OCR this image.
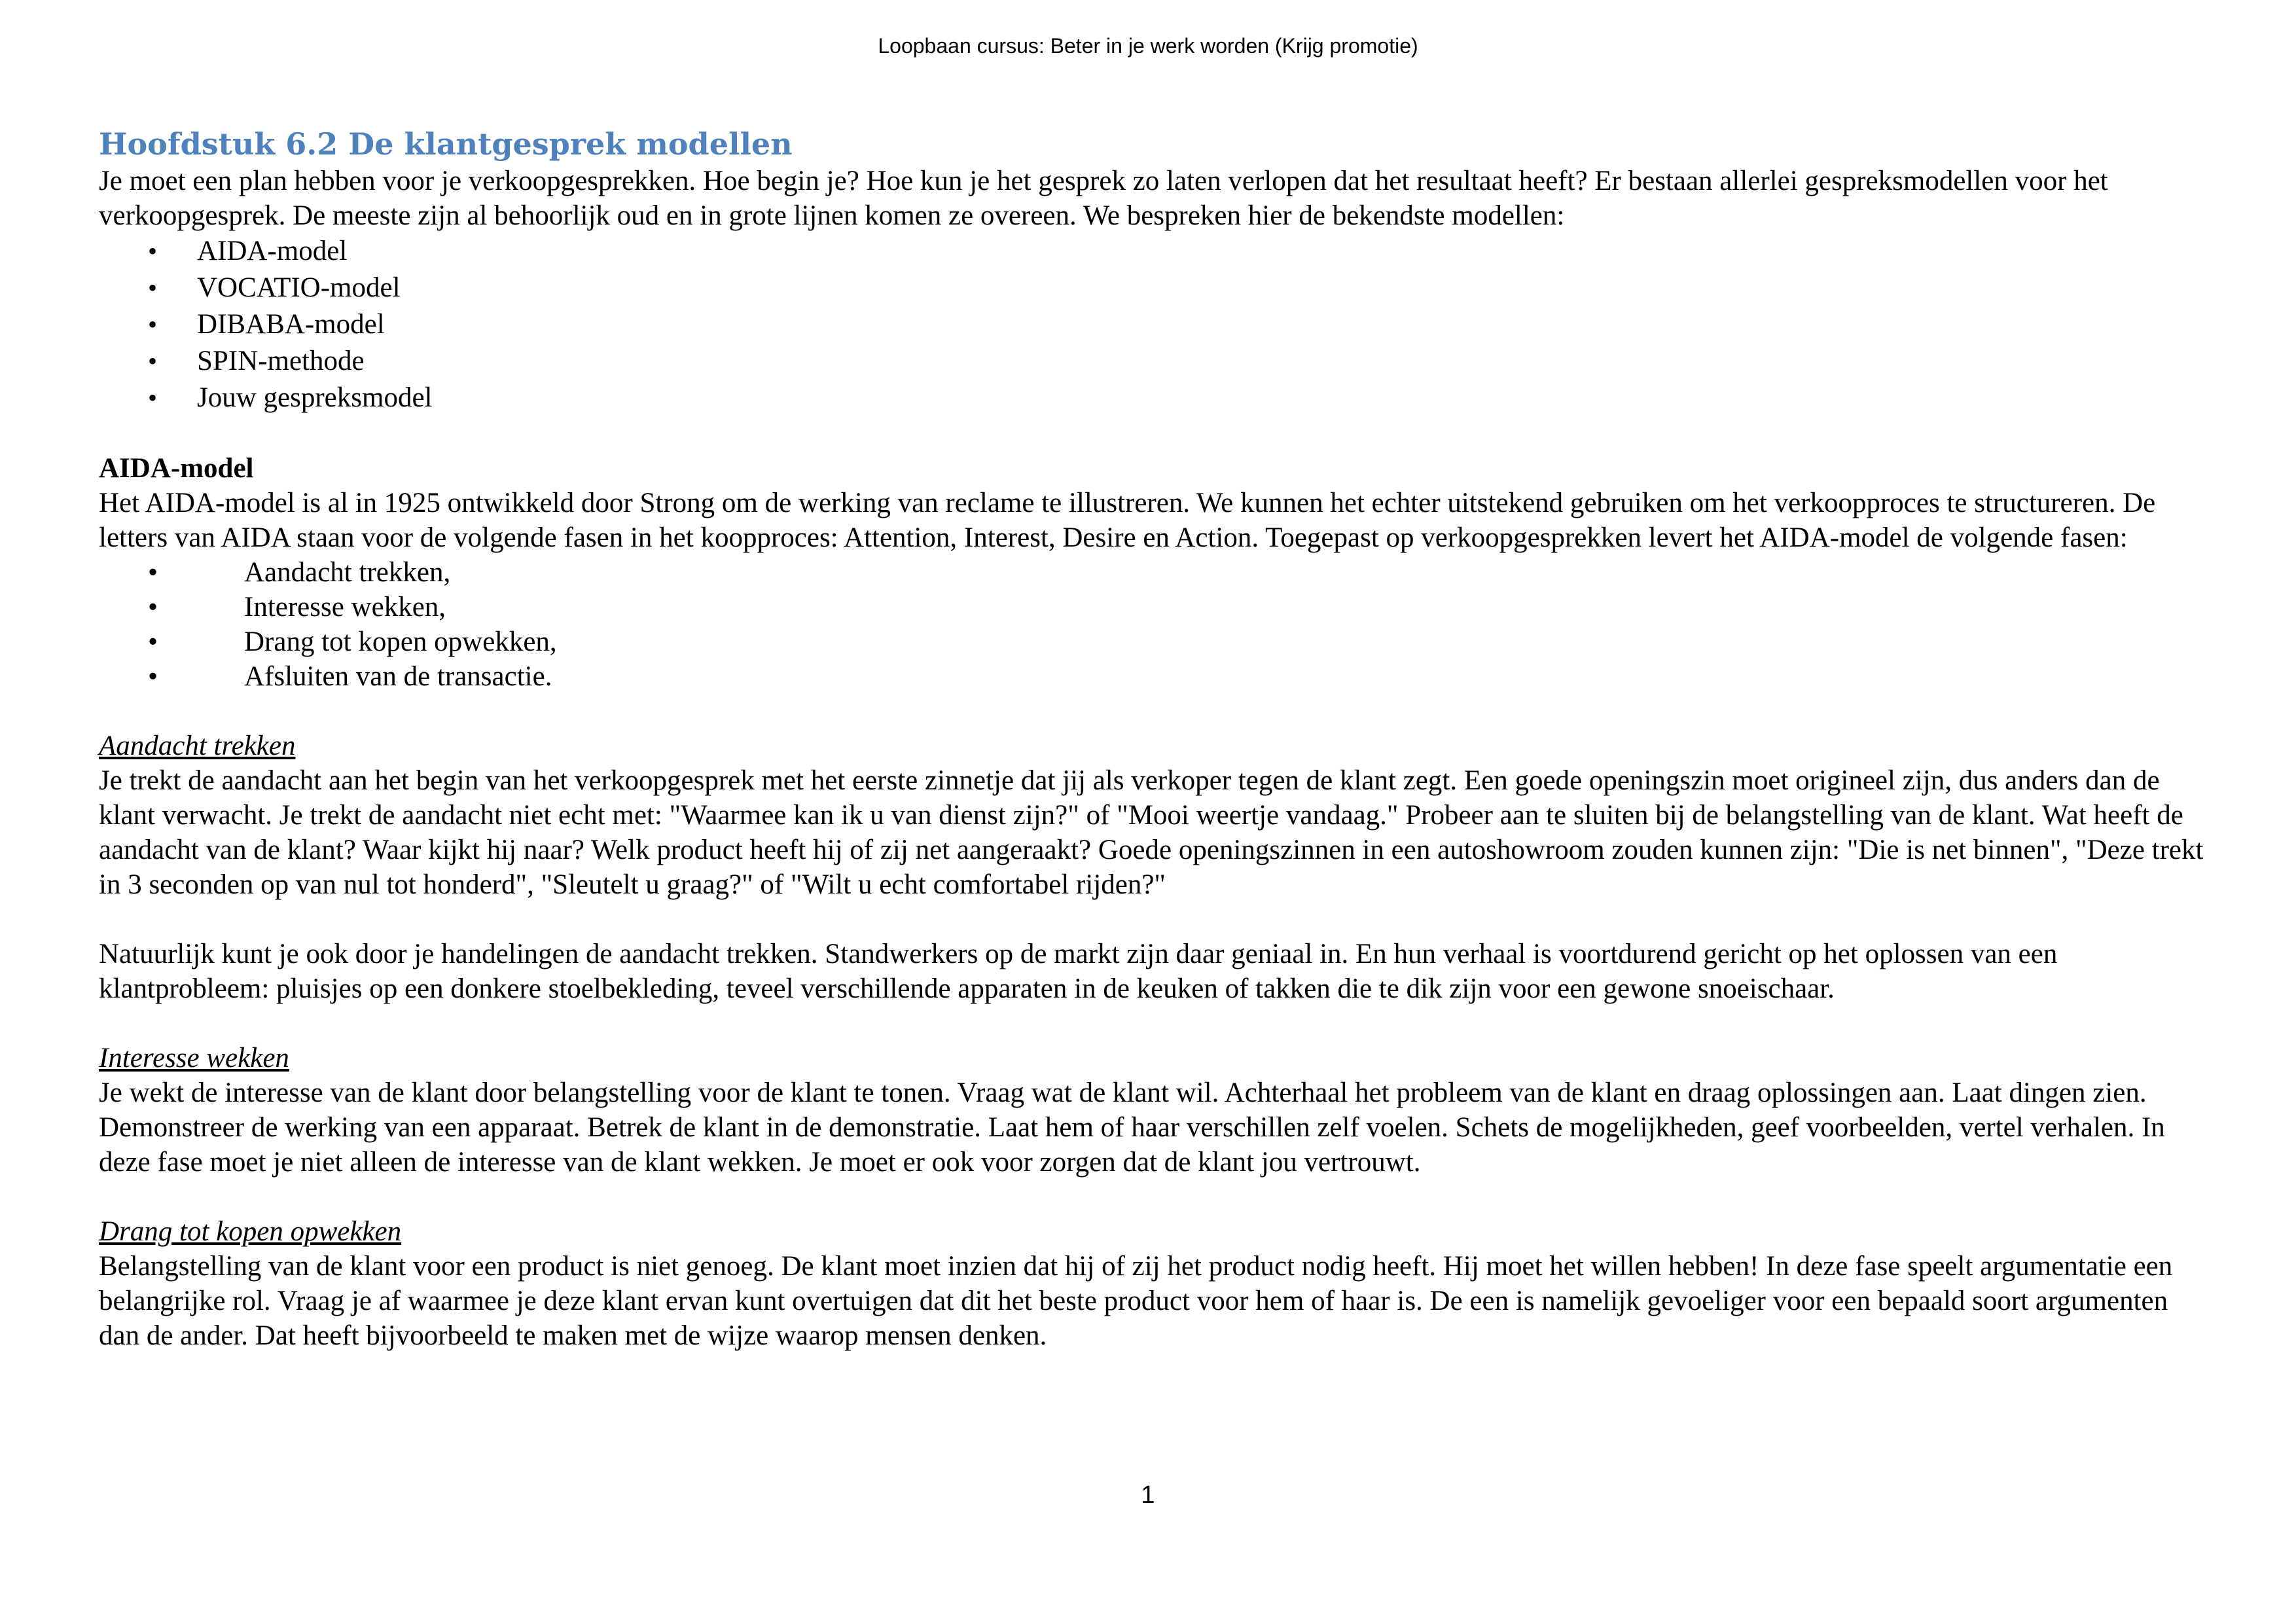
Loopbaan cursus: Beter in je werk worden (Krijg promotie)
Hoofdstuk 6.2 De klantgesprek modellen

Je moet een plan hebben voor je verkoopgesprekken. Hoe begin je? Hoe kun je het gesprek zo laten verlopen dat het resultaat heeft? Er bestaan allerlei gespreksmodellen voor het verkoopgesprek. De meeste zijn al behoorlijk oud en in grote lijnen komen ze overeen. We bespreken hier de bekendste modellen:

• AIDA-model
• VOCATIO-model
• DIBABA-model
• SPIN-methode
• Jouw gespreksmodel

AIDA-model

Het AIDA-model is al in 1925 ontwikkeld door Strong om de werking van reclame te illustreren. We kunnen het echter uitstekend gebruiken om het verkoopproces te structureren. De letters van AIDA staan voor de volgende fasen in het koopproces: Attention, Interest, Desire en Action. Toegepast op verkoopgesprekken levert het AIDA-model de volgende fasen:

•	Aandacht trekken,
•	Interesse wekken,
•	Drang tot kopen opwekken,
•	Afsluiten van de transactie.

Aandacht trekken

Je trekt de aandacht aan het begin van het verkoopgesprek met het eerste zinnetje dat jij als verkoper tegen de klant zegt. Een goede openingszin moet origineel zijn, dus anders dan de klant verwacht. Je trekt de aandacht niet echt met: "Waarmee kan ik u van dienst zijn?" of "Mooi weertje vandaag." Probeer aan te sluiten bij de belangstelling van de klant. Wat heeft de aandacht van de klant? Waar kijkt hij naar? Welk product heeft hij of zij net aangeraakt? Goede openingszinnen in een autoshowroom zouden kunnen zijn: "Die is net binnen", "Deze trekt in 3 seconden op van nul tot honderd", "Sleutelt u graag?" of "Wilt u echt comfortabel rijden?"

Natuurlijk kunt je ook door je handelingen de aandacht trekken. Standwerkers op de markt zijn daar geniaal in. En hun verhaal is voortdurend gericht op het oplossen van een klantprobleem: pluisjes op een donkere stoelbekleding, teveel verschillende apparaten in de keuken of takken die te dik zijn voor een gewone snoeischaar.

Interesse wekken

Je wekt de interesse van de klant door belangstelling voor de klant te tonen. Vraag wat de klant wil. Achterhaal het probleem van de klant en draag oplossingen aan. Laat dingen zien. Demonstreer de werking van een apparaat. Betrek de klant in de demonstratie. Laat hem of haar verschillen zelf voelen. Schets de mogelijkheden, geef voorbeelden, vertel verhalen. In deze fase moet je niet alleen de interesse van de klant wekken. Je moet er ook voor zorgen dat de klant jou vertrouwt.

Drang tot kopen opwekken

Belangstelling van de klant voor een product is niet genoeg. De klant moet inzien dat hij of zij het product nodig heeft. Hij moet het willen hebben! In deze fase speelt argumentatie een belangrijke rol. Vraag je af waarmee je deze klant ervan kunt overtuigen dat dit het beste product voor hem of haar is. De een is namelijk gevoeliger voor een bepaald soort argumenten dan de ander. Dat heeft bijvoorbeeld te maken met de wijze waarop mensen denken.

1
